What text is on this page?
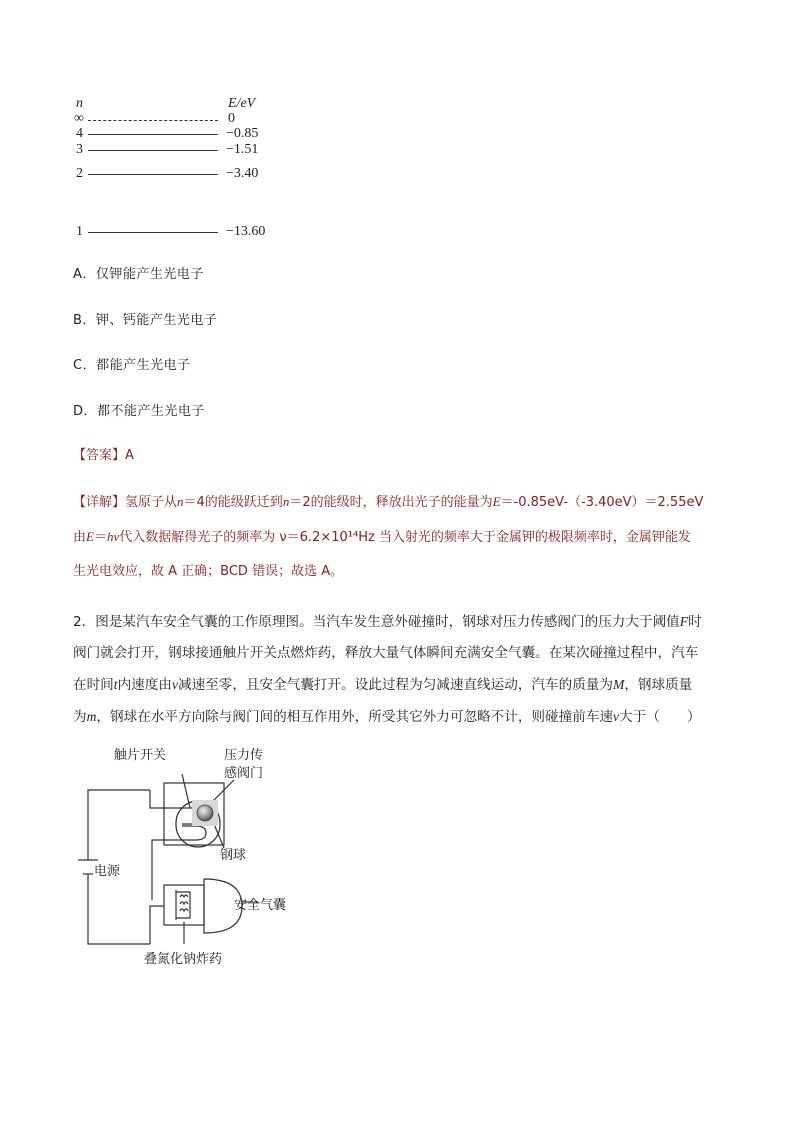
n	E/eV
∞	0
4	−0.85
3	−1.51
2	−3.40
1	−13.60
A．仅钾能产生光电子
B．钾、钙能产生光电子
C．都能产生光电子
D．都不能产生光电子
【答案】A
【详解】氢原子从n＝4的能级跃迁到n＝2的能级时，释放出光子的能量为E＝-0.85eV-（-3.40eV）＝2.55eV
由E＝hν代入数据解得光子的频率为 ν＝6.2×10¹⁴Hz 当入射光的频率大于金属钾的极限频率时，金属钾能发
生光电效应，故 A 正确；BCD 错误；故选 A。
2．图是某汽车安全气囊的工作原理图。当汽车发生意外碰撞时，钢球对压力传感阀门的压力大于阈值F时
阀门就会打开，钢球接通触片开关点燃炸药，释放大量气体瞬间充满安全气囊。在某次碰撞过程中，汽车
在时间t内速度由v减速至零，且安全气囊打开。设此过程为匀减速直线运动，汽车的质量为M，钢球质量
为m，钢球在水平方向除与阀门间的相互作用外，所受其它外力可忽略不计，则碰撞前车速v大于（　　）
触片开关	压力传
感阀门
钢球
电源
安全气囊
叠氮化钠炸药
